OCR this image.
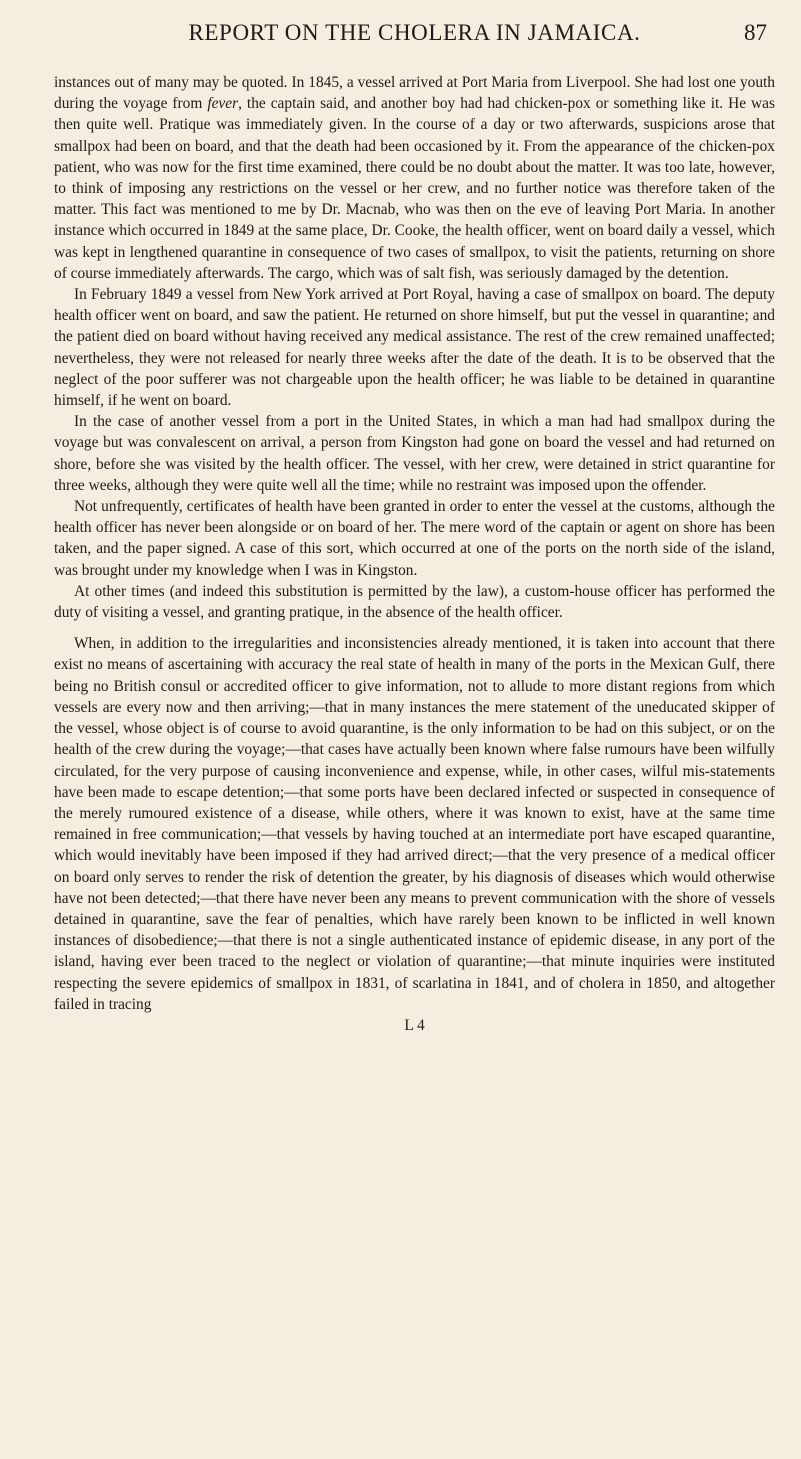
REPORT ON THE CHOLERA IN JAMAICA.	87

instances out of many may be quoted. In 1845, a vessel arrived at Port Maria from Liverpool. She had lost one youth during the voyage from fever, the captain said, and another boy had had chicken-pox or something like it. He was then quite well. Pratique was immediately given. In the course of a day or two afterwards, suspicions arose that smallpox had been on board, and that the death had been occasioned by it. From the appearance of the chicken-pox patient, who was now for the first time examined, there could be no doubt about the matter. It was too late, however, to think of imposing any restrictions on the vessel or her crew, and no further notice was therefore taken of the matter. This fact was mentioned to me by Dr. Macnab, who was then on the eve of leaving Port Maria. In another instance which occurred in 1849 at the same place, Dr. Cooke, the health officer, went on board daily a vessel, which was kept in lengthened quarantine in consequence of two cases of smallpox, to visit the patients, returning on shore of course immediately afterwards. The cargo, which was of salt fish, was seriously damaged by the detention.

In February 1849 a vessel from New York arrived at Port Royal, having a case of smallpox on board. The deputy health officer went on board, and saw the patient. He returned on shore himself, but put the vessel in quarantine; and the patient died on board without having received any medical assistance. The rest of the crew remained unaffected; nevertheless, they were not released for nearly three weeks after the date of the death. It is to be observed that the neglect of the poor sufferer was not chargeable upon the health officer; he was liable to be detained in quarantine himself, if he went on board.

In the case of another vessel from a port in the United States, in which a man had had smallpox during the voyage but was convalescent on arrival, a person from Kingston had gone on board the vessel and had returned on shore, before she was visited by the health officer. The vessel, with her crew, were detained in strict quarantine for three weeks, although they were quite well all the time; while no restraint was imposed upon the offender.

Not unfrequently, certificates of health have been granted in order to enter the vessel at the customs, although the health officer has never been alongside or on board of her. The mere word of the captain or agent on shore has been taken, and the paper signed. A case of this sort, which occurred at one of the ports on the north side of the island, was brought under my knowledge when I was in Kingston.

At other times (and indeed this substitution is permitted by the law), a custom-house officer has performed the duty of visiting a vessel, and granting pratique, in the absence of the health officer.

When, in addition to the irregularities and inconsistencies already mentioned, it is taken into account that there exist no means of ascertaining with accuracy the real state of health in many of the ports in the Mexican Gulf, there being no British consul or accredited officer to give information, not to allude to more distant regions from which vessels are every now and then arriving;—that in many instances the mere statement of the uneducated skipper of the vessel, whose object is of course to avoid quarantine, is the only information to be had on this subject, or on the health of the crew during the voyage;—that cases have actually been known where false rumours have been wilfully circulated, for the very purpose of causing inconvenience and expense, while, in other cases, wilful mis-statements have been made to escape detention;—that some ports have been declared infected or suspected in consequence of the merely rumoured existence of a disease, while others, where it was known to exist, have at the same time remained in free communication;—that vessels by having touched at an intermediate port have escaped quarantine, which would inevitably have been imposed if they had arrived direct;—that the very presence of a medical officer on board only serves to render the risk of detention the greater, by his diagnosis of diseases which would otherwise have not been detected;—that there have never been any means to prevent communication with the shore of vessels detained in quarantine, save the fear of penalties, which have rarely been known to be inflicted in well known instances of disobedience;—that there is not a single authenticated instance of epidemic disease, in any port of the island, having ever been traced to the neglect or violation of quarantine;—that minute inquiries were instituted respecting the severe epidemics of smallpox in 1831, of scarlatina in 1841, and of cholera in 1850, and altogether failed in tracing

L 4
